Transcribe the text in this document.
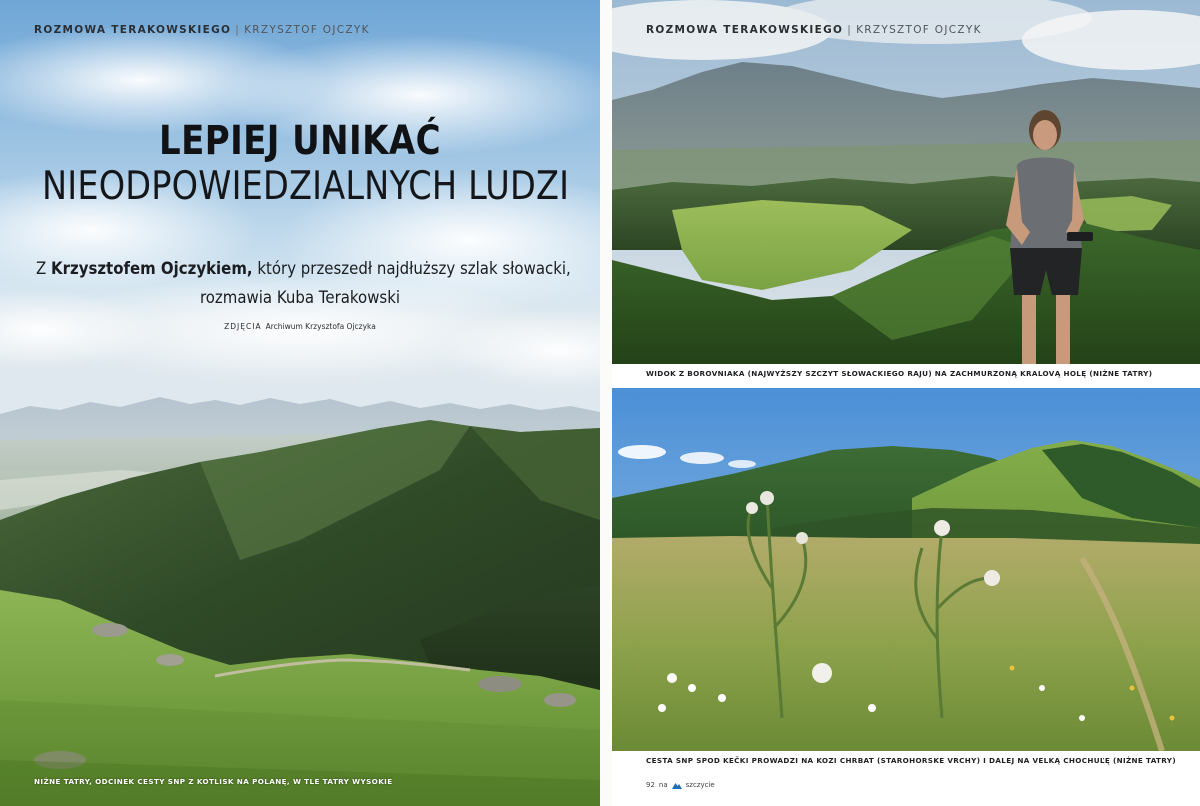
ROZMOWA TERAKOWSKIEGO | KRZYSZTOF OJCZYK
LEPIEJ UNIKAĆ
NIEODPOWIEDZIALNYCH LUDZI
Z Krzysztofem Ojczykiem, który przeszedł najdłuższy szlak słowacki,
rozmawia Kuba Terakowski
ZDJĘCIA Archiwum Krzysztofa Ojczyka
NIŻNE TATRY, ODCINEK CESTY SNP Z KOTLISK NA POLANĘ, W TLE TATRY WYSOKIE
ROZMOWA TERAKOWSKIEGO | KRZYSZTOF OJCZYK
WIDOK Z BOROVNIAKA (NAJWYŻSZY SZCZYT SŁOWACKIEGO RAJU) NA ZACHMURZONĄ KRALOVĄ HOLĘ (NIŻNE TATRY)
CESTA SNP SPOD KEČKI PROWADZI NA KOZI CHRBAT (STAROHORSKE VRCHY) I DALEJ NA VELKĄ CHOCHUĽĘ (NIŻNE TATRY)
92 na	szczycie
